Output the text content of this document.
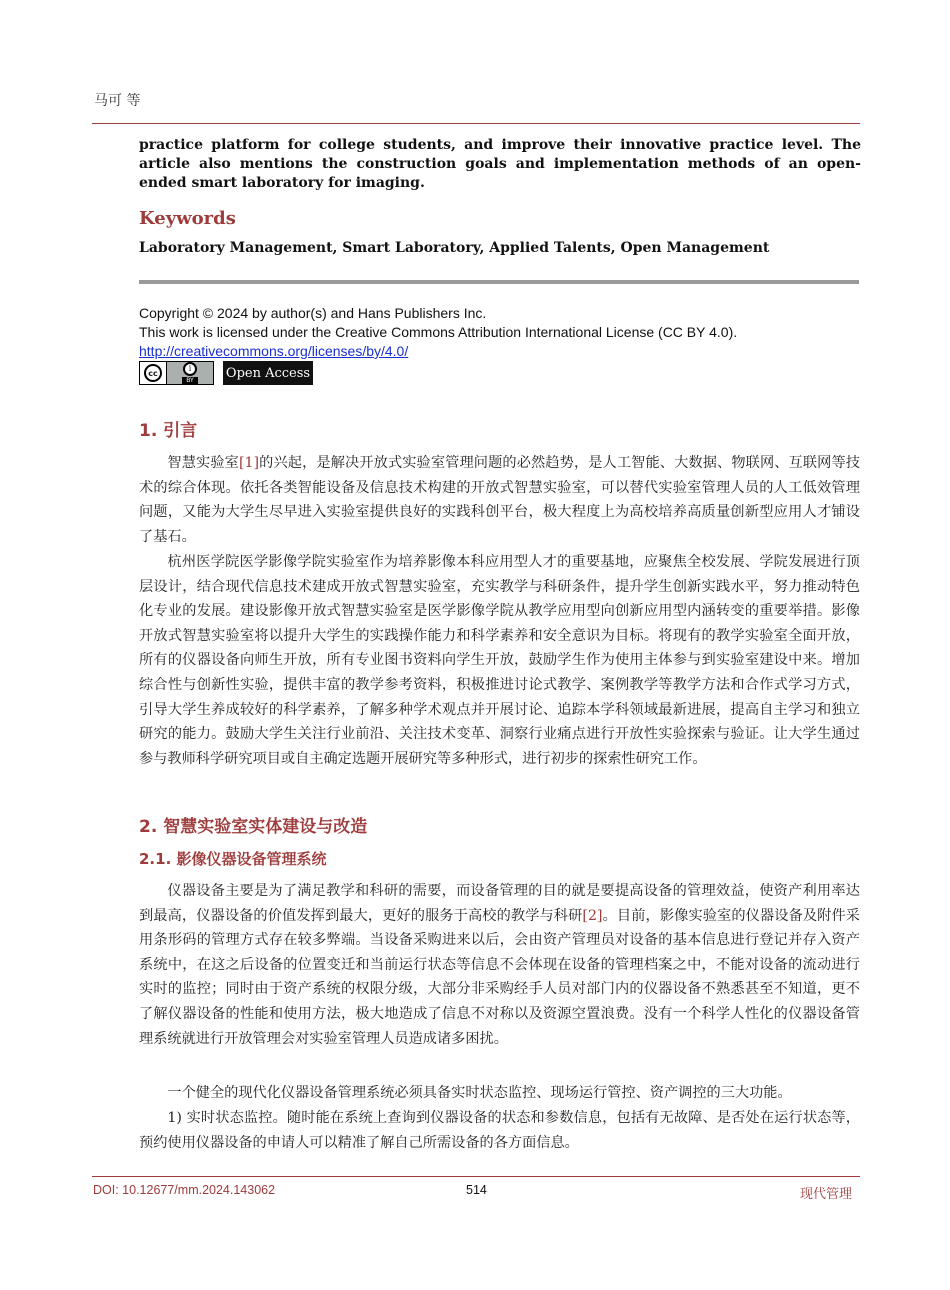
马可 等
practice platform for college students, and improve their innovative practice level. The article also mentions the construction goals and implementation methods of an open-ended smart laboratory for imaging.
Keywords
Laboratory Management, Smart Laboratory, Applied Talents, Open Management
Copyright © 2024 by author(s) and Hans Publishers Inc.
This work is licensed under the Creative Commons Attribution International License (CC BY 4.0).
http://creativecommons.org/licenses/by/4.0/
cc	i
BY	Open Access
1. 引言
智慧实验室[1]的兴起，是解决开放式实验室管理问题的必然趋势，是人工智能、大数据、物联网、互联网等技术的综合体现。依托各类智能设备及信息技术构建的开放式智慧实验室，可以替代实验室管理人员的人工低效管理问题，又能为大学生尽早进入实验室提供良好的实践科创平台，极大程度上为高校培养高质量创新型应用人才铺设了基石。
杭州医学院医学影像学院实验室作为培养影像本科应用型人才的重要基地，应聚焦全校发展、学院发展进行顶层设计，结合现代信息技术建成开放式智慧实验室，充实教学与科研条件，提升学生创新实践水平，努力推动特色化专业的发展。建设影像开放式智慧实验室是医学影像学院从教学应用型向创新应用型内涵转变的重要举措。影像开放式智慧实验室将以提升大学生的实践操作能力和科学素养和安全意识为目标。将现有的教学实验室全面开放，所有的仪器设备向师生开放，所有专业图书资料向学生开放，鼓励学生作为使用主体参与到实验室建设中来。增加综合性与创新性实验，提供丰富的教学参考资料，积极推进讨论式教学、案例教学等教学方法和合作式学习方式，引导大学生养成较好的科学素养，了解多种学术观点并开展讨论、追踪本学科领域最新进展，提高自主学习和独立研究的能力。鼓励大学生关注行业前沿、关注技术变革、洞察行业痛点进行开放性实验探索与验证。让大学生通过参与教师科学研究项目或自主确定选题开展研究等多种形式，进行初步的探索性研究工作。
2. 智慧实验室实体建设与改造
2.1. 影像仪器设备管理系统
仪器设备主要是为了满足教学和科研的需要，而设备管理的目的就是要提高设备的管理效益，使资产利用率达到最高，仪器设备的价值发挥到最大，更好的服务于高校的教学与科研[2]。目前，影像实验室的仪器设备及附件采用条形码的管理方式存在较多弊端。当设备采购进来以后，会由资产管理员对设备的基本信息进行登记并存入资产系统中，在这之后设备的位置变迁和当前运行状态等信息不会体现在设备的管理档案之中，不能对设备的流动进行实时的监控；同时由于资产系统的权限分级，大部分非采购经手人员对部门内的仪器设备不熟悉甚至不知道，更不了解仪器设备的性能和使用方法，极大地造成了信息不对称以及资源空置浪费。没有一个科学人性化的仪器设备管理系统就进行开放管理会对实验室管理人员造成诸多困扰。
一个健全的现代化仪器设备管理系统必须具备实时状态监控、现场运行管控、资产调控的三大功能。
1) 实时状态监控。随时能在系统上查询到仪器设备的状态和参数信息，包括有无故障、是否处在运行状态等，预约使用仪器设备的申请人可以精准了解自己所需设备的各方面信息。
DOI: 10.12677/mm.2024.143062	514	现代管理
